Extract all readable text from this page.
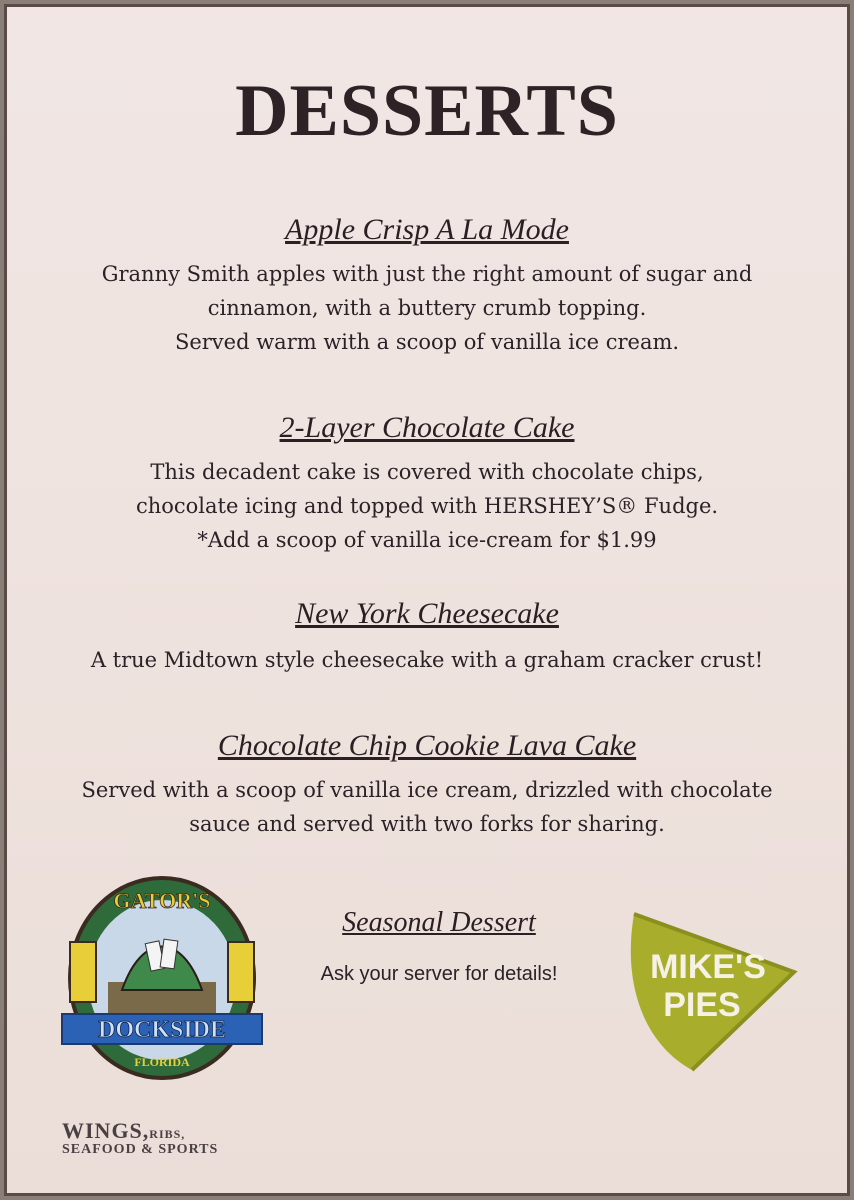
DESSERTS
Apple Crisp A La Mode
Granny Smith apples with just the right amount of sugar and
cinnamon, with a buttery crumb topping.
Served warm with a scoop of vanilla ice cream.
2-Layer Chocolate Cake
This decadent cake is covered with chocolate chips,
chocolate icing and topped with HERSHEY’S® Fudge.
*Add a scoop of vanilla ice-cream for $1.99
New York Cheesecake
A true Midtown style cheesecake with a graham cracker crust!
Chocolate Chip Cookie Lava Cake
Served with a scoop of vanilla ice cream, drizzled with chocolate
sauce and served with two forks for sharing.
Seasonal Dessert
Ask your server for details!
DOCKSIDE
GATOR'S
FLORIDA
WINGS,RIBS,
SEAFOOD & SPORTS
MIKE'S
PIES
